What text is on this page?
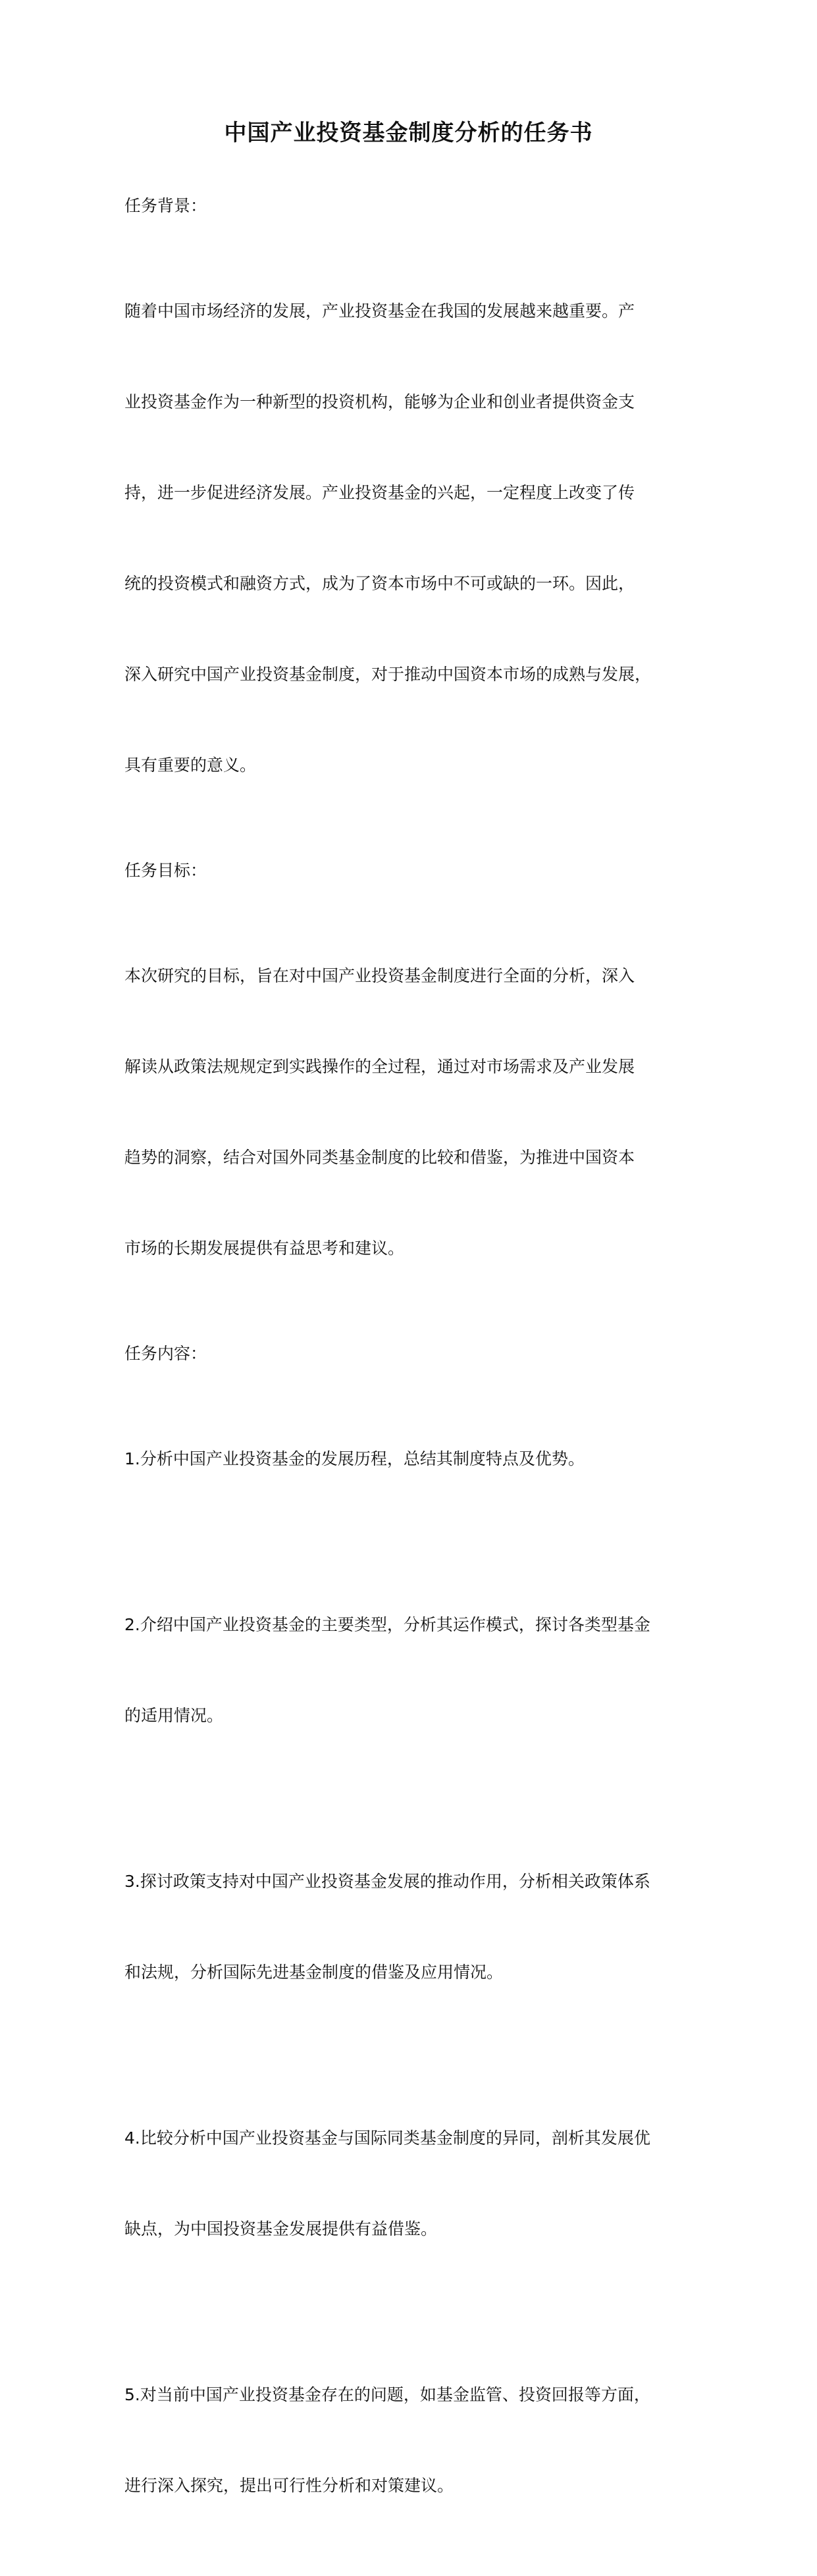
中国产业投资基金制度分析的任务书

任务背景：

随着中国市场经济的发展，产业投资基金在我国的发展越来越重要。产

业投资基金作为一种新型的投资机构，能够为企业和创业者提供资金支

持，进一步促进经济发展。产业投资基金的兴起，一定程度上改变了传

统的投资模式和融资方式，成为了资本市场中不可或缺的一环。因此，

深入研究中国产业投资基金制度，对于推动中国资本市场的成熟与发展，

具有重要的意义。

任务目标：

本次研究的目标，旨在对中国产业投资基金制度进行全面的分析，深入

解读从政策法规规定到实践操作的全过程，通过对市场需求及产业发展

趋势的洞察，结合对国外同类基金制度的比较和借鉴，为推进中国资本

市场的长期发展提供有益思考和建议。

任务内容：

1.分析中国产业投资基金的发展历程，总结其制度特点及优势。

2.介绍中国产业投资基金的主要类型，分析其运作模式，探讨各类型基金

的适用情况。

3.探讨政策支持对中国产业投资基金发展的推动作用，分析相关政策体系

和法规，分析国际先进基金制度的借鉴及应用情况。

4.比较分析中国产业投资基金与国际同类基金制度的异同，剖析其发展优

缺点，为中国投资基金发展提供有益借鉴。

5.对当前中国产业投资基金存在的问题，如基金监管、投资回报等方面，

进行深入探究，提出可行性分析和对策建议。
